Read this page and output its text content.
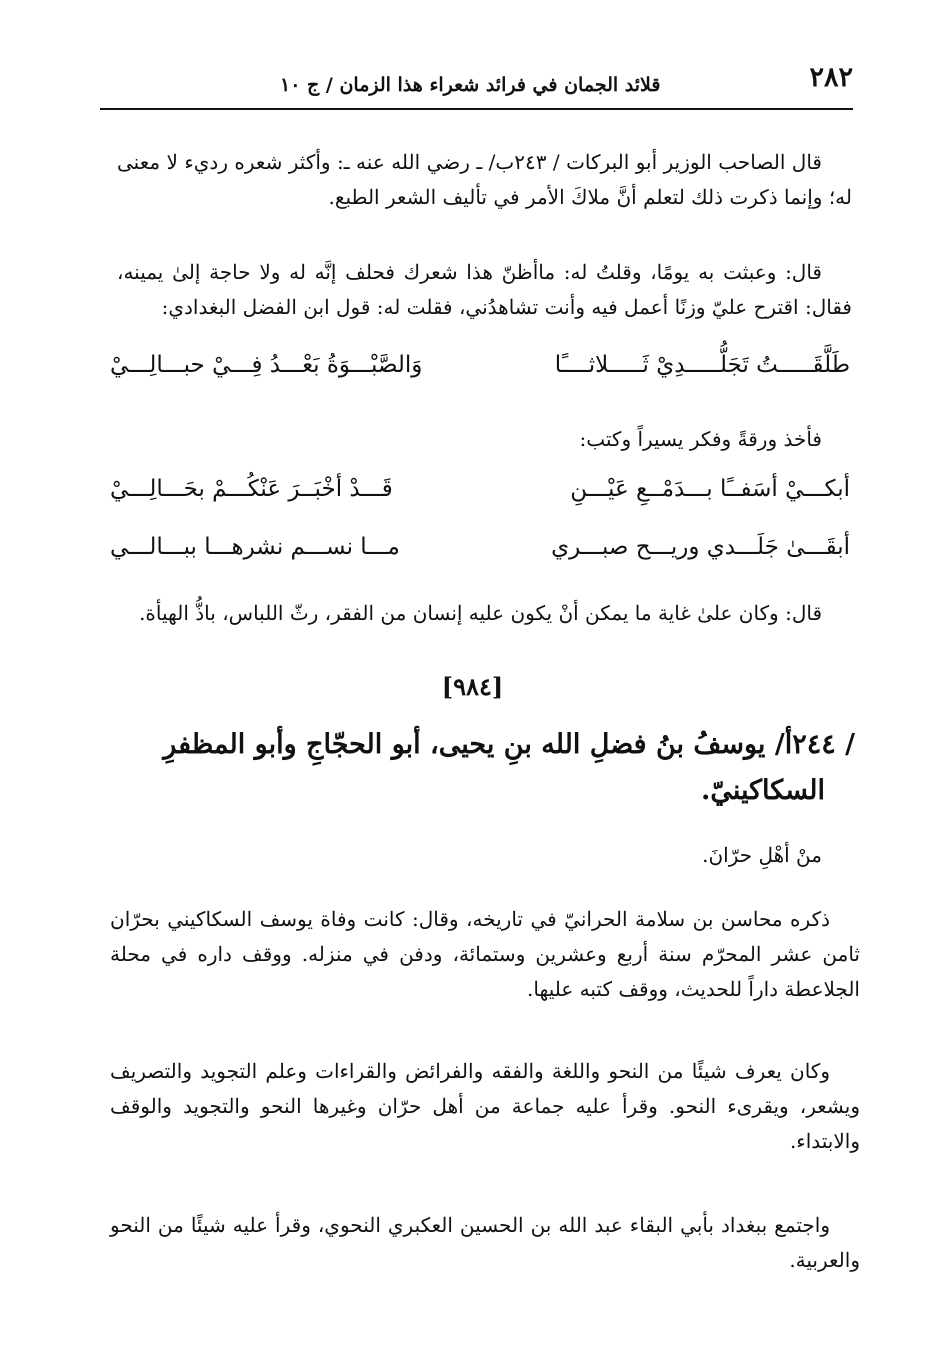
٢٨٢
قلائد الجمان في فرائد شعراء هذا الزمان / ج ١٠

قال الصاحب الوزير أبو البركات / ٢٤٣ب/ ـ رضي الله عنه ـ: وأكثر شعره رديء لا معنى له؛ وإنما ذكرت ذلك لتعلم أنَّ ملاكَ الأمر في تأليف الشعر الطبع.

قال: وعبثت به يومًا، وقلتُ له: ماأظنّ هذا شعرك فحلف إنَّه له ولا حاجة إلىٰ يمينه، فقال: اقترح عليّ وزنًا أعمل فيه وأنت تشاهدُني، فقلت له: قول ابن الفضل البغدادي:

طَلَّقَـــــتُ تَجَلُّـــــدِيْ ثَـــــلاثــــًا
وَالصَّبْـــوَةُ بَعْـــدُ فِـــيْ حبـــالِـــيْ

فأخذ ورقةً وفكر يسيراً وكتب:

أبكـــيْ أسَفــًا بـــدَمْــعِ عَيْـــنِ
قَـــدْ أخْبَــرَ عَنْكُـــمْ بحَـــالِـــيْ
أبقَـــىٰ جَلَـــدي وريـــح صبـــري
مـــا نســـم نشرهـــا ببـــالـــي

قال: وكان علىٰ غاية ما يمكن أنْ يكون عليه إنسان من الفقر، رثّ اللباس، باذُّ الهيأة.

[٩٨٤]
/ ٢٤٤أ/ يوسفُ بنُ فضلِ الله بنِ يحيى، أبو الحجّاجِ وأبو المظفرِ
السكاكينيّ.

منْ أهْلِ حرّانَ.

ذكره محاسن بن سلامة الحرانيّ في تاريخه، وقال: كانت وفاة يوسف السكاكيني بحرّان ثامن عشر المحرّم سنة أربع وعشرين وستمائة، ودفن في منزله. ووقف داره في محلة الجلاعطة داراً للحديث، ووقف كتبه عليها.

وكان يعرف شيئًا من النحو واللغة والفقه والفرائض والقراءات وعلم التجويد والتصريف ويشعر، ويقرىء النحو. وقرأ عليه جماعة من أهل حرّان وغيرها النحو والتجويد والوقف والابتداء.

واجتمع ببغداد بأبي البقاء عبد الله بن الحسين العكبري النحوي، وقرأ عليه شيئًا من النحو والعربية.
